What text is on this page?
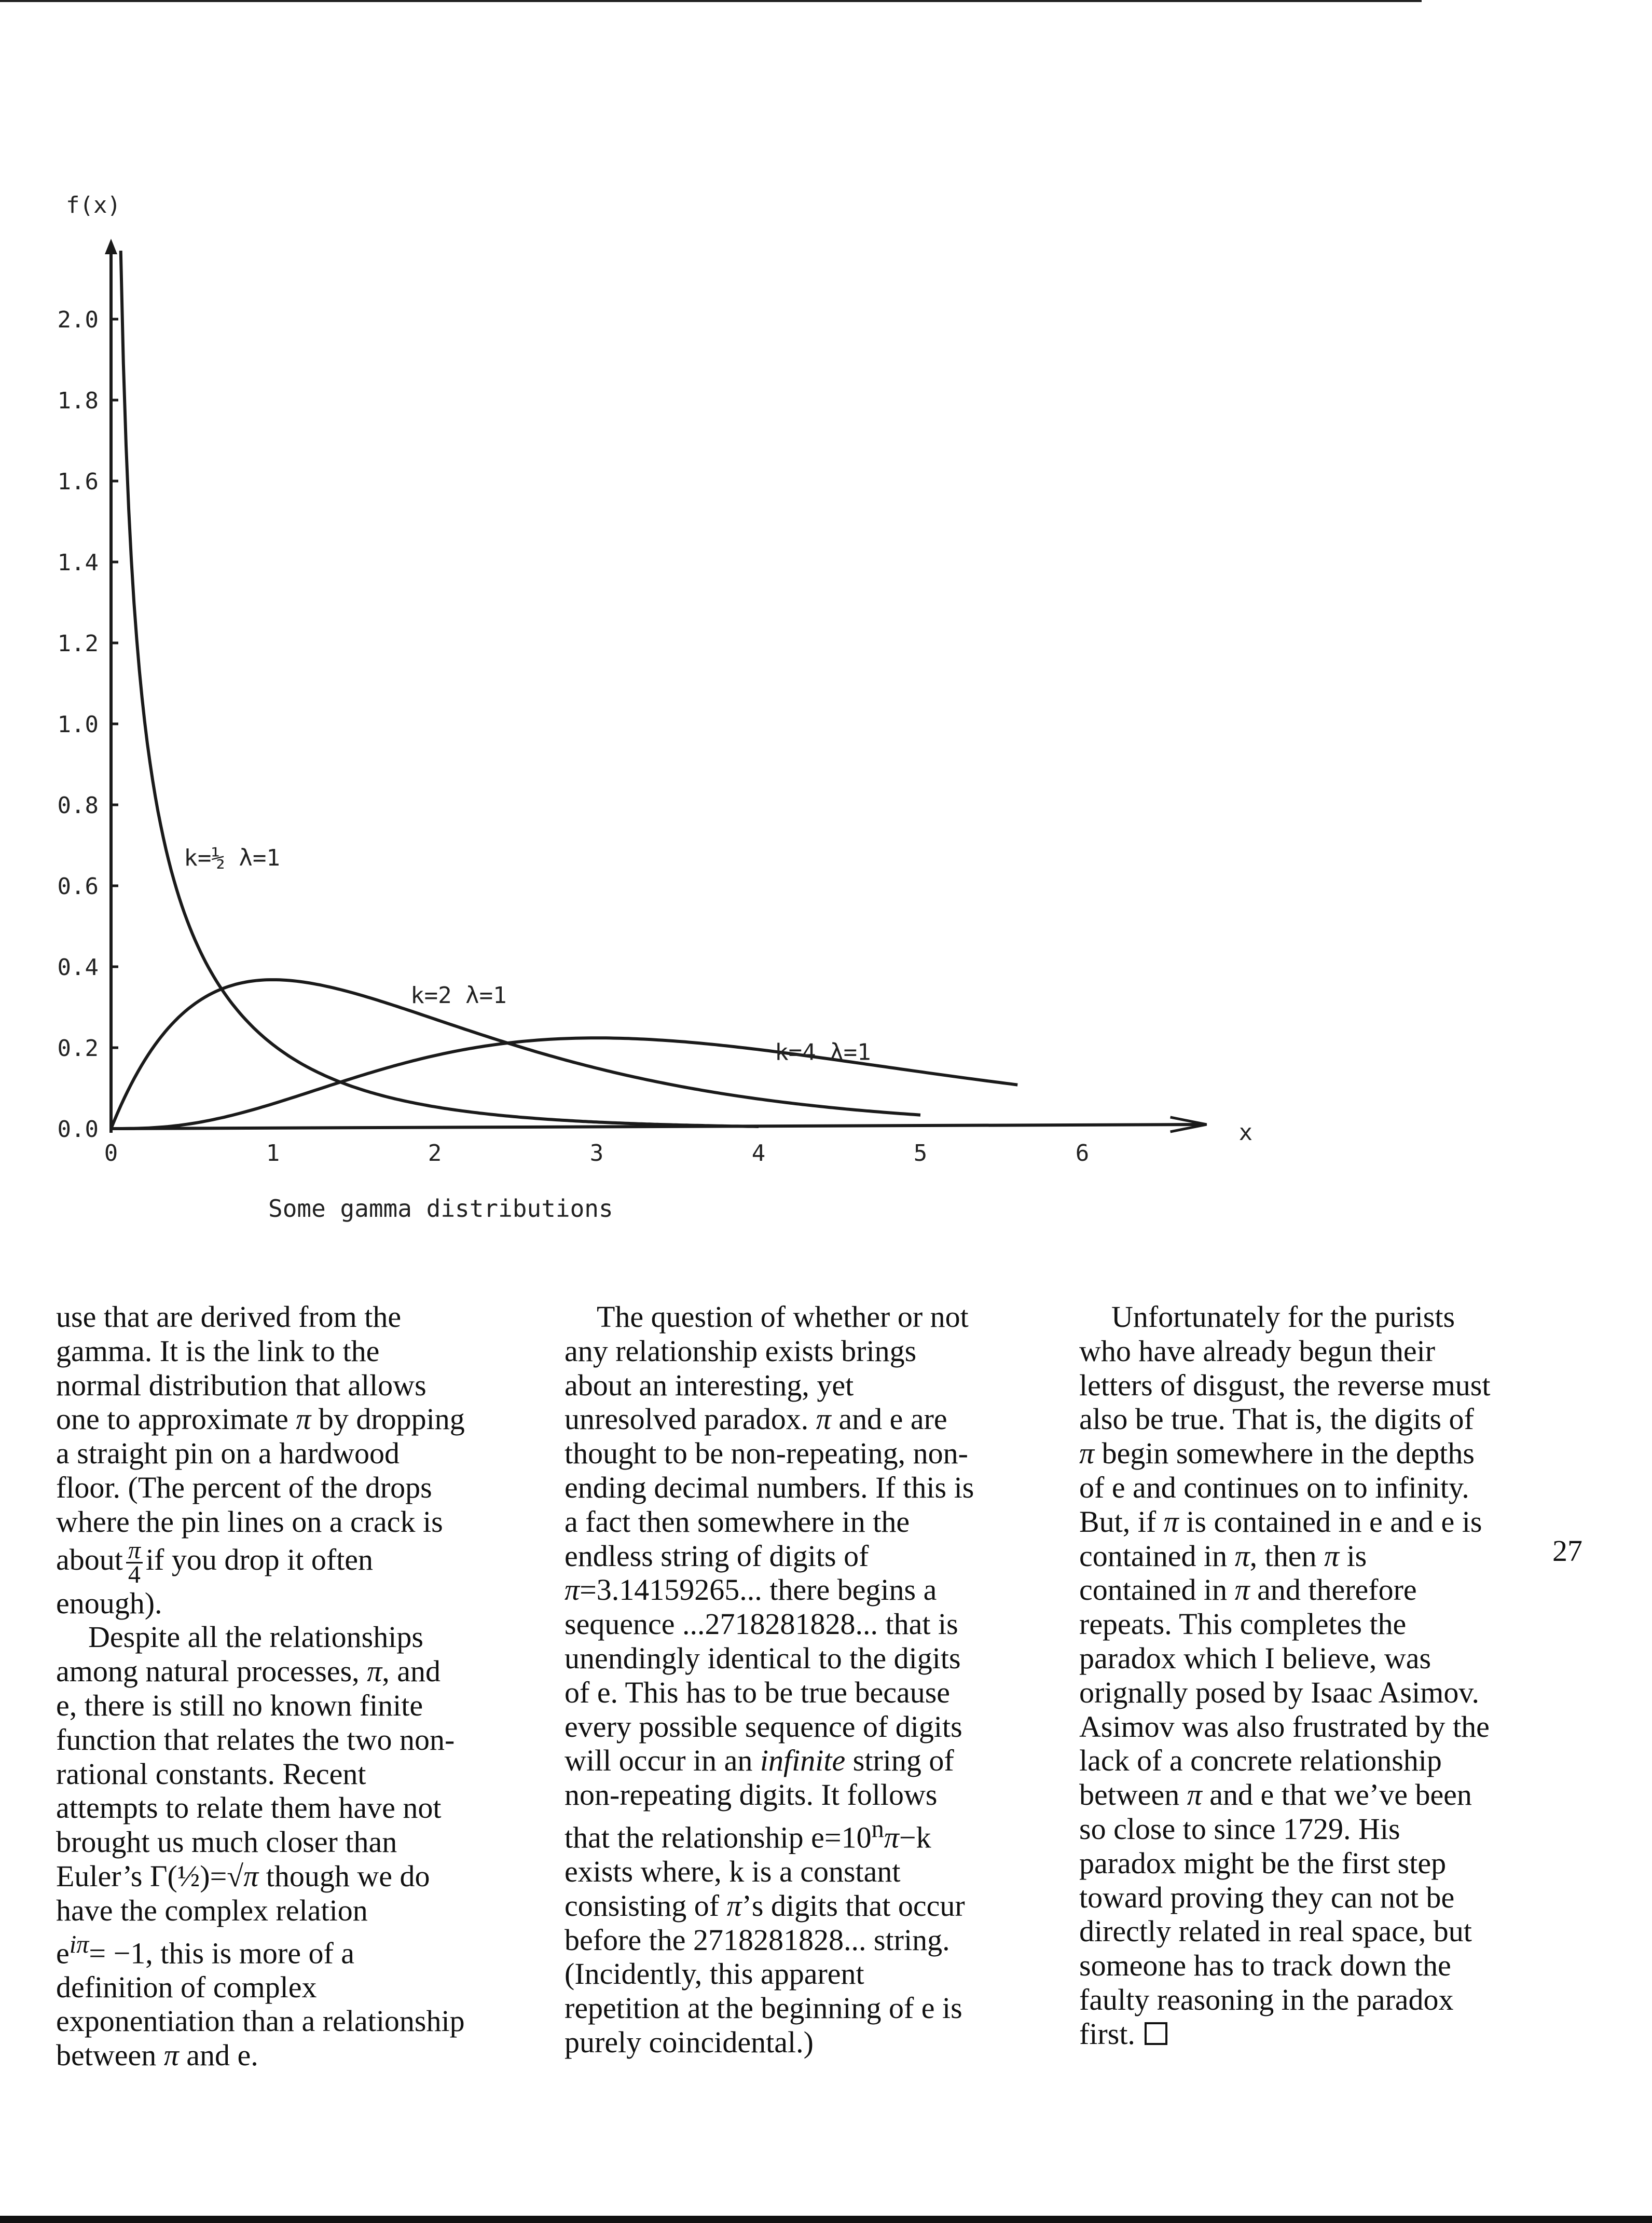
0.0
0.2
0.4
0.6
0.8
1.0
1.2
1.4
1.6
1.8
2.0
0	1	2	3	4	5	6
f(x)
x
k=½ λ=1
k=2 λ=1
k=4 λ=1
Some gamma distributions

use that are derived from the
gamma. It is the link to the
normal distribution that allows
one to approximate π by dropping
a straight pin on a hardwood
floor. (The percent of the drops
where the pin lines on a crack is
about $\frac{\pi}{4}$ if you drop it often
enough).

Despite all the relationships
among natural processes, π, and
e, there is still no known finite
function that relates the two non-
rational constants. Recent
attempts to relate them have not
brought us much closer than
Euler’s Γ(½)=√π though we do
have the complex relation
$e^{i\pi}= -1$, this is more of a
definition of complex
exponentiation than a relationship
between π and e.

The question of whether or not
any relationship exists brings
about an interesting, yet
unresolved paradox. π and e are
thought to be non-repeating, non-
ending decimal numbers. If this is
a fact then somewhere in the
endless string of digits of
π=3.14159265... there begins a
sequence ...2718281828... that is
unendingly identical to the digits
of e. This has to be true because
every possible sequence of digits
will occur in an infinite string of
non-repeating digits. It follows
that the relationship $e=10^n\pi-k$
exists where, k is a constant
consisting of π’s digits that occur
before the 2718281828... string.
(Incidently, this apparent
repetition at the beginning of e is
purely coincidental.)

Unfortunately for the purists
who have already begun their
letters of disgust, the reverse must
also be true. That is, the digits of
π begin somewhere in the depths
of e and continues on to infinity.
But, if π is contained in e and e is
contained in π, then π is
contained in π and therefore
repeats. This completes the
paradox which I believe, was
orignally posed by Isaac Asimov.
Asimov was also frustrated by the
lack of a concrete relationship
between π and e that we’ve been
so close to since 1729. His
paradox might be the first step
toward proving they can not be
directly related in real space, but
someone has to track down the
faulty reasoning in the paradox
first.

27
